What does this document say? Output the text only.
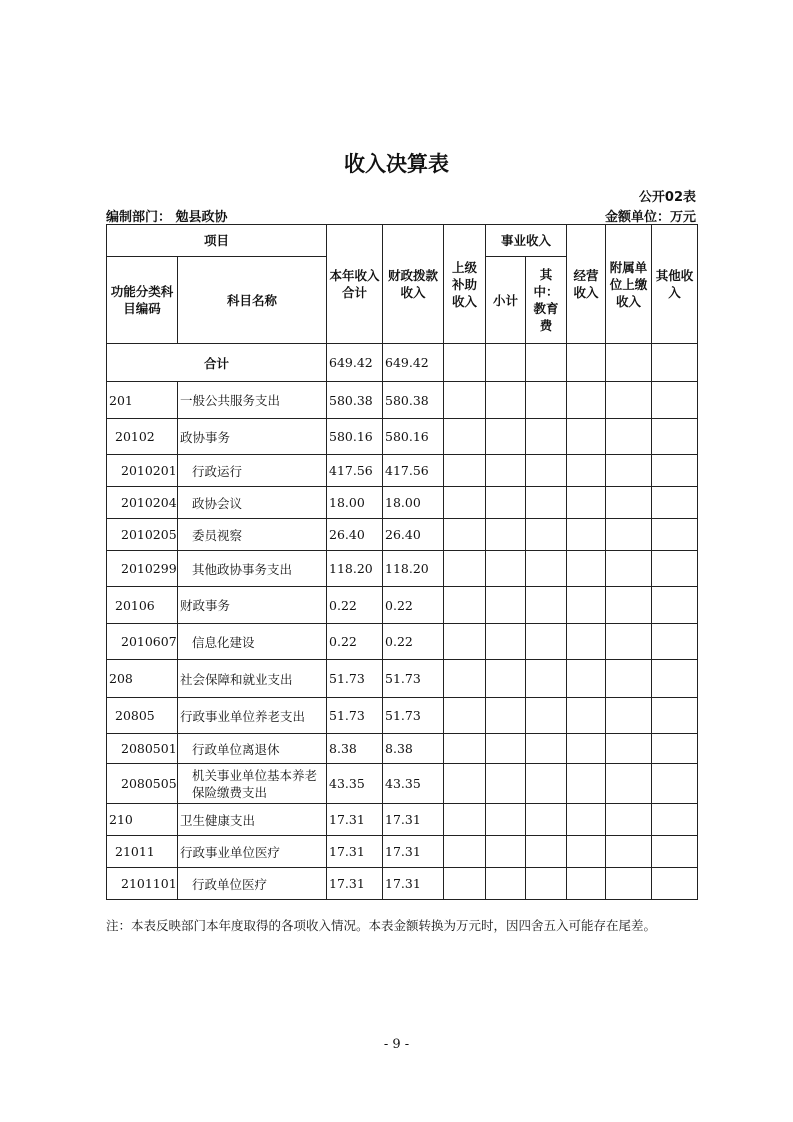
收入决算表
公开02表
编制部门： 勉县政协	金额单位：万元
项目		本年收入合计	财政拨款收入	上级补助收入	事业收入		经营收入	附属单位上缴收入	其他收入
功能分类科目编码	科目名称				小计	其中：教育费			
合计		649.42	649.42						
201	一般公共服务支出	580.38	580.38						
20102	政协事务	580.16	580.16						
2010201	行政运行	417.56	417.56						
2010204	政协会议	18.00	18.00						
2010205	委员视察	26.40	26.40						
2010299	其他政协事务支出	118.20	118.20						
20106	财政事务	0.22	0.22						
2010607	信息化建设	0.22	0.22						
208	社会保障和就业支出	51.73	51.73						
20805	行政事业单位养老支出	51.73	51.73						
2080501	行政单位离退休	8.38	8.38						
2080505	机关事业单位基本养老保险缴费支出	43.35	43.35						
210	卫生健康支出	17.31	17.31						
21011	行政事业单位医疗	17.31	17.31						
2101101	行政单位医疗	17.31	17.31						
注：本表反映部门本年度取得的各项收入情况。本表金额转换为万元时，因四舍五入可能存在尾差。
- 9 -
